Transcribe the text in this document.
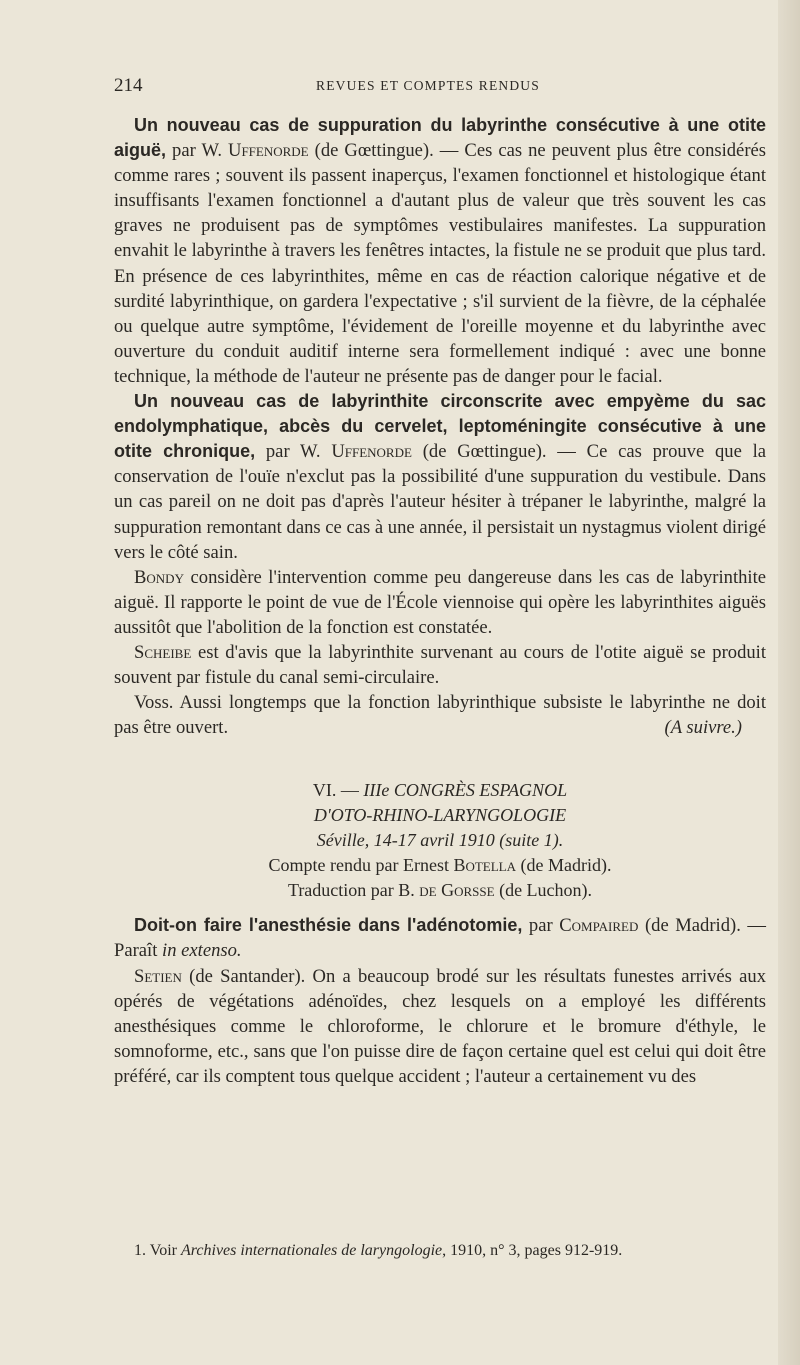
214	REVUES ET COMPTES RENDUS

Un nouveau cas de suppuration du labyrinthe consécutive à une otite aiguë, par W. Uffenorde (de Gœttingue). — Ces cas ne peuvent plus être considérés comme rares ; souvent ils passent inaperçus, l'examen fonctionnel et histologique étant insuffisants l'examen fonctionnel a d'autant plus de valeur que très souvent les cas graves ne produisent pas de symptômes vestibulaires manifestes. La suppuration envahit le labyrinthe à travers les fenêtres intactes, la fistule ne se produit que plus tard. En présence de ces labyrinthites, même en cas de réaction calorique négative et de surdité labyrinthique, on gardera l'expectative ; s'il survient de la fièvre, de la céphalée ou quelque autre symptôme, l'évidement de l'oreille moyenne et du labyrinthe avec ouverture du conduit auditif interne sera formellement indiqué : avec une bonne technique, la méthode de l'auteur ne présente pas de danger pour le facial.

Un nouveau cas de labyrinthite circonscrite avec empyème du sac endolymphatique, abcès du cervelet, leptoméningite consécutive à une otite chronique, par W. Uffenorde (de Gœttingue). — Ce cas prouve que la conservation de l'ouïe n'exclut pas la possibilité d'une suppuration du vestibule. Dans un cas pareil on ne doit pas d'après l'auteur hésiter à trépaner le labyrinthe, malgré la suppuration remontant dans ce cas à une année, il persistait un nystagmus violent dirigé vers le côté sain.

Bondy considère l'intervention comme peu dangereuse dans les cas de labyrinthite aiguë. Il rapporte le point de vue de l'École viennoise qui opère les labyrinthites aiguës aussitôt que l'abolition de la fonction est constatée.

Scheibe est d'avis que la labyrinthite survenant au cours de l'otite aiguë se produit souvent par fistule du canal semi-circulaire.

Voss. Aussi longtemps que la fonction labyrinthique subsiste le labyrinthe ne doit pas être ouvert.	(A suivre.)

VI. — IIIe CONGRÈS ESPAGNOL
D'OTO-RHINO-LARYNGOLOGIE
Séville, 14-17 avril 1910 (suite 1).
Compte rendu par Ernest Botella (de Madrid).
Traduction par B. de Gorsse (de Luchon).

Doit-on faire l'anesthésie dans l'adénotomie, par Compaired (de Madrid). — Paraît in extenso.

Setien (de Santander). On a beaucoup brodé sur les résultats funestes arrivés aux opérés de végétations adénoïdes, chez lesquels on a employé les différents anesthésiques comme le chloroforme, le chlorure et le bromure d'éthyle, le somnoforme, etc., sans que l'on puisse dire de façon certaine quel est celui qui doit être préféré, car ils comptent tous quelque accident ; l'auteur a certainement vu des

1. Voir Archives internationales de laryngologie, 1910, n° 3, pages 912-919.
